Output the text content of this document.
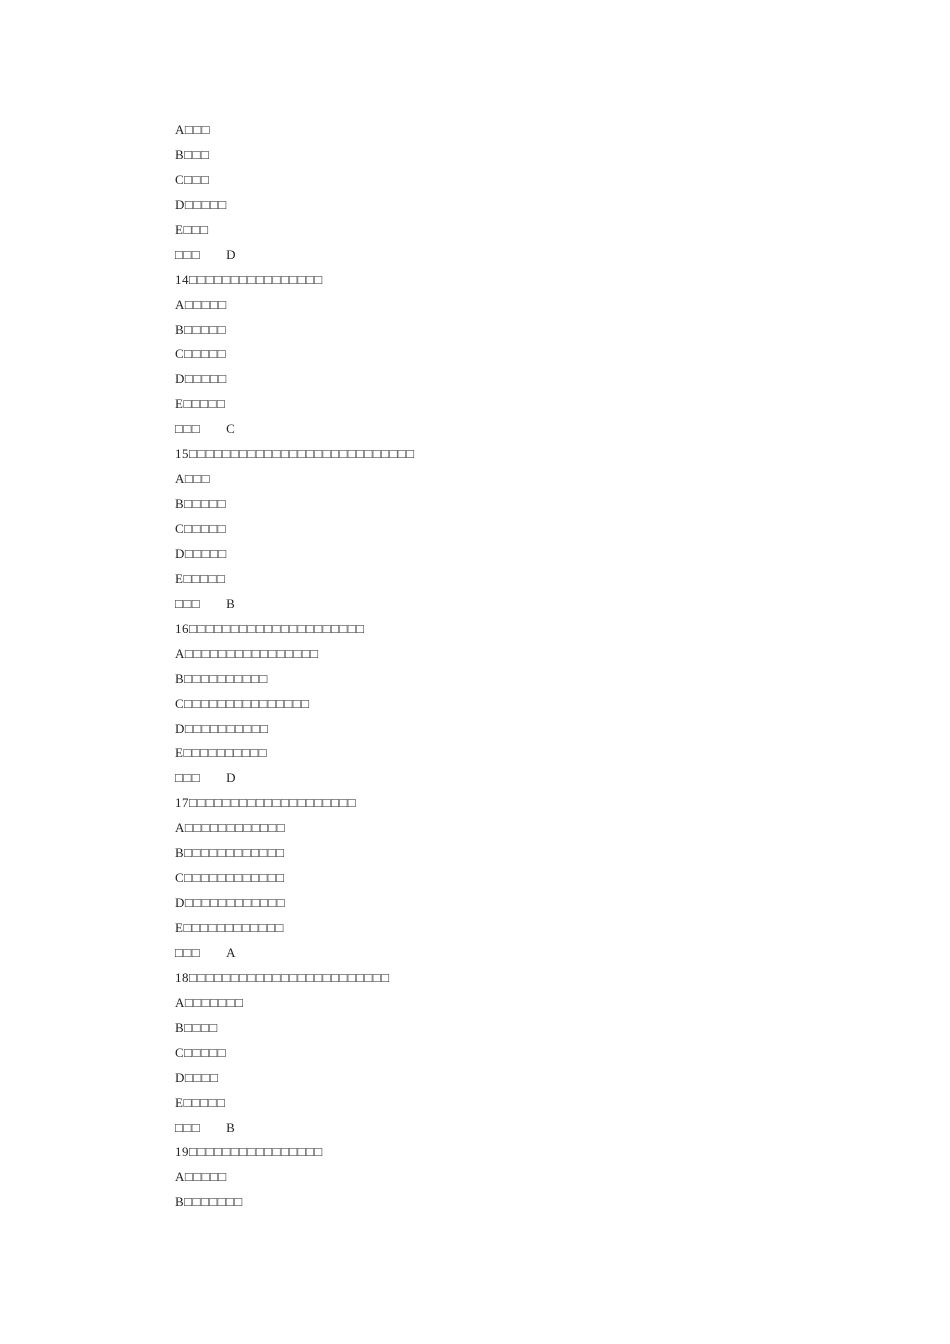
A□□□
B□□□
C□□□
D□□□□□
E□□□
□□□ D
14□□□□□□□□□□□□□□□□
A□□□□□
B□□□□□
C□□□□□
D□□□□□
E□□□□□
□□□ C
15□□□□□□□□□□□□□□□□□□□□□□□□□□□
A□□□
B□□□□□
C□□□□□
D□□□□□
E□□□□□
□□□ B
16□□□□□□□□□□□□□□□□□□□□□
A□□□□□□□□□□□□□□□□
B□□□□□□□□□□
C□□□□□□□□□□□□□□□
D□□□□□□□□□□
E□□□□□□□□□□
□□□ D
17□□□□□□□□□□□□□□□□□□□□
A□□□□□□□□□□□□
B□□□□□□□□□□□□
C□□□□□□□□□□□□
D□□□□□□□□□□□□
E□□□□□□□□□□□□
□□□ A
18□□□□□□□□□□□□□□□□□□□□□□□□
A□□□□□□□
B□□□□
C□□□□□
D□□□□
E□□□□□
□□□ B
19□□□□□□□□□□□□□□□□
A□□□□□
B□□□□□□□
